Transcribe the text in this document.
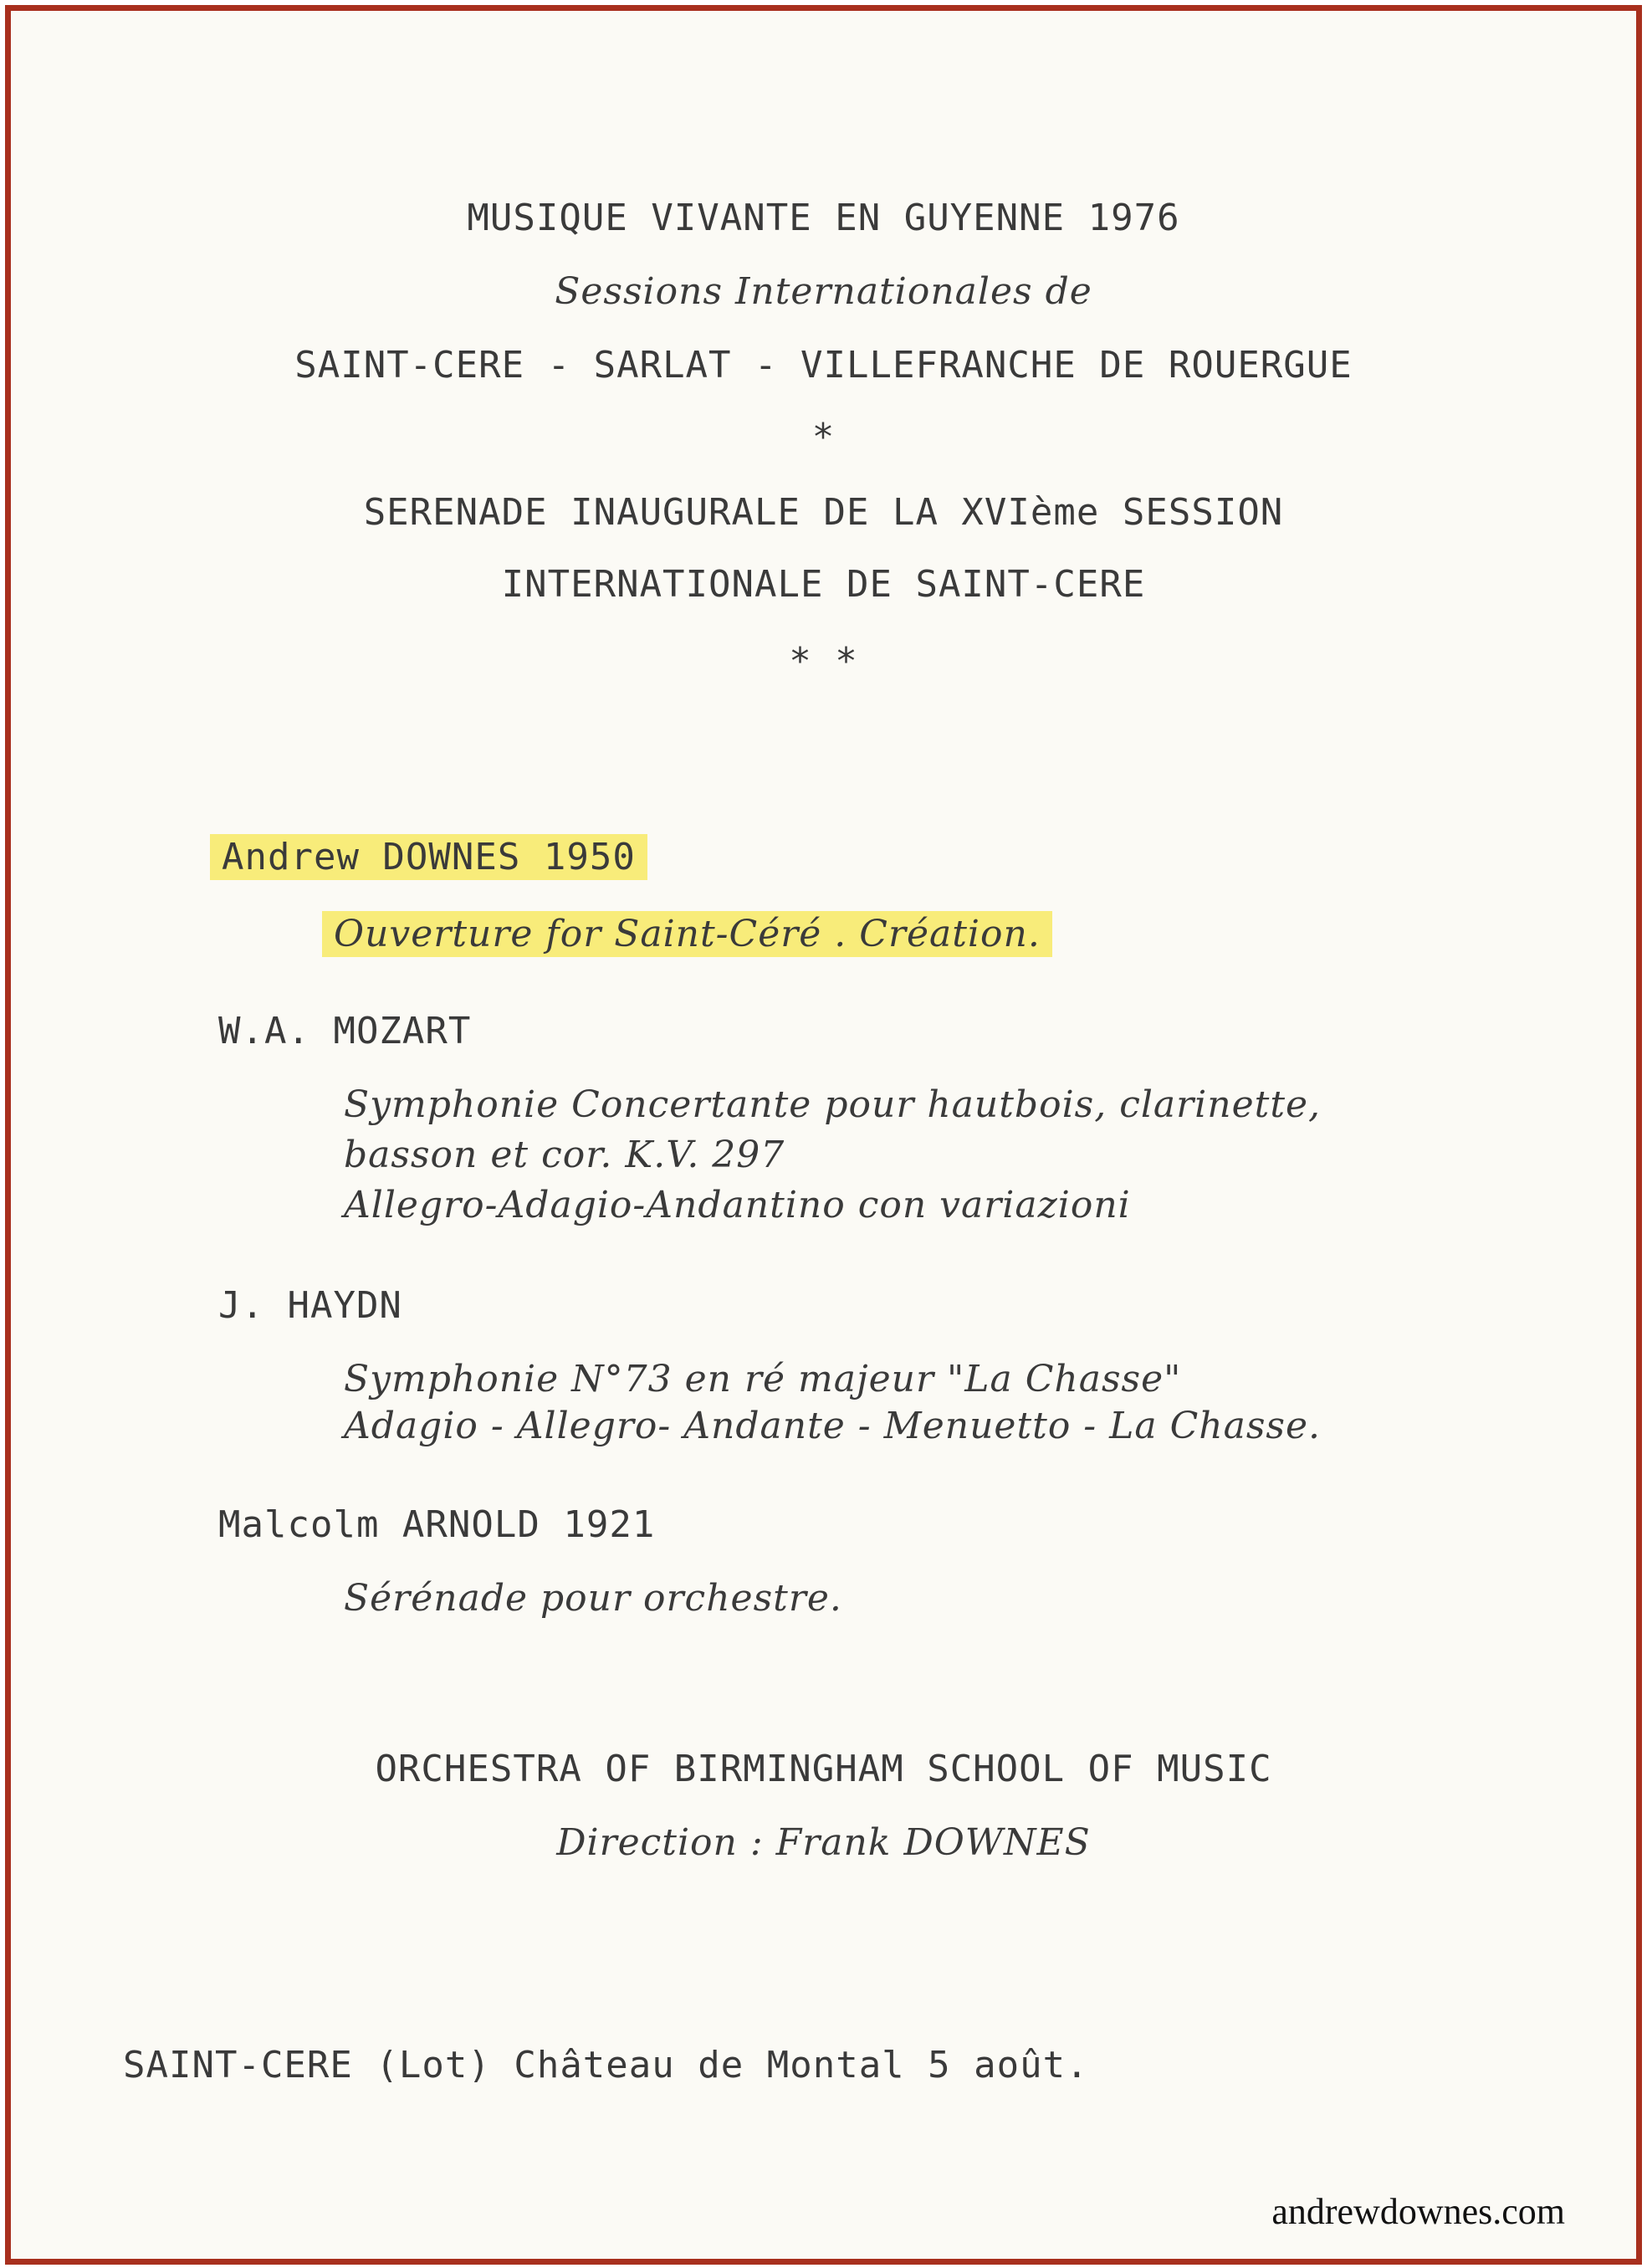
MUSIQUE VIVANTE EN GUYENNE 1976
Sessions Internationales de
SAINT-CERE - SARLAT - VILLEFRANCHE DE ROUERGUE
*
SERENADE INAUGURALE DE LA XVIème SESSION
INTERNATIONALE DE SAINT-CERE
* *
Andrew DOWNES 1950
Ouverture for Saint-Céré . Création.
W.A. MOZART
Symphonie Concertante pour hautbois, clarinette,
basson et cor. K.V. 297
Allegro-Adagio-Andantino con variazioni
J. HAYDN
Symphonie N°73 en ré majeur "La Chasse"
Adagio - Allegro- Andante - Menuetto - La Chasse.
Malcolm ARNOLD 1921
Sérénade pour orchestre.
ORCHESTRA OF BIRMINGHAM SCHOOL OF MUSIC
Direction : Frank DOWNES
SAINT-CERE (Lot) Château de Montal 5 août.
andrewdownes.com
